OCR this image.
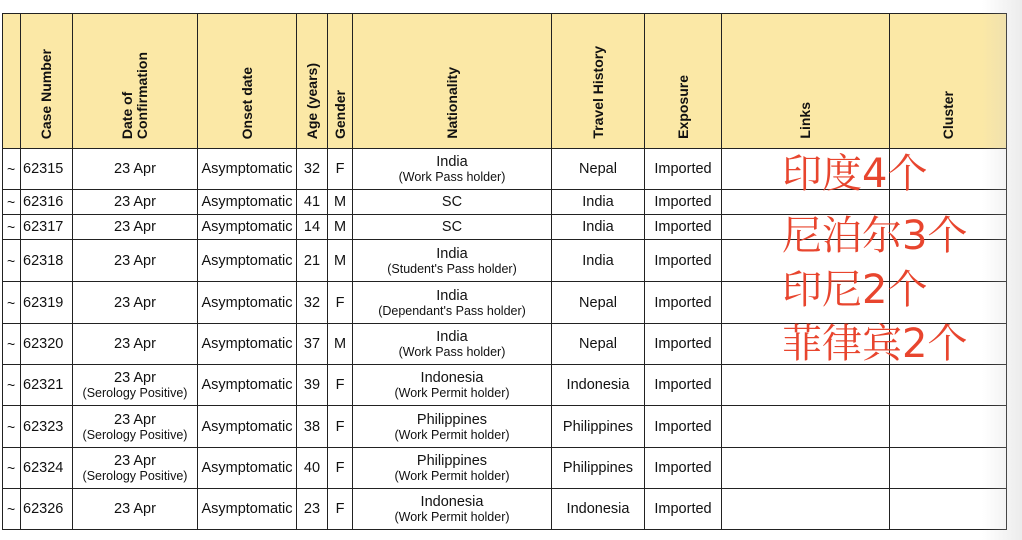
	Case Number	Date of
Confirmation	Onset date	Age (years)	Gender	Nationality	Travel History	Exposure	Links	Cluster

~	62315	23 Apr	Asymptomatic	32	F	India
(Work Pass holder)	Nepal	Imported		

~	62316	23 Apr	Asymptomatic	41	M	SC	India	Imported		

~	62317	23 Apr	Asymptomatic	14	M	SC	India	Imported		

~	62318	23 Apr	Asymptomatic	21	M	India
(Student's Pass holder)	India	Imported		

~	62319	23 Apr	Asymptomatic	32	F	India
(Dependant's Pass holder)	Nepal	Imported		

~	62320	23 Apr	Asymptomatic	37	M	India
(Work Pass holder)	Nepal	Imported		

~	62321	23 Apr
(Serology Positive)	Asymptomatic	39	F	Indonesia
(Work Permit holder)	Indonesia	Imported		

~	62323	23 Apr
(Serology Positive)	Asymptomatic	38	F	Philippines
(Work Permit holder)	Philippines	Imported		

~	62324	23 Apr
(Serology Positive)	Asymptomatic	40	F	Philippines
(Work Permit holder)	Philippines	Imported		

~	62326	23 Apr	Asymptomatic	23	F	Indonesia
(Work Permit holder)	Indonesia	Imported		

印度4个
尼泊尔3个
印尼2个
菲律宾2个
